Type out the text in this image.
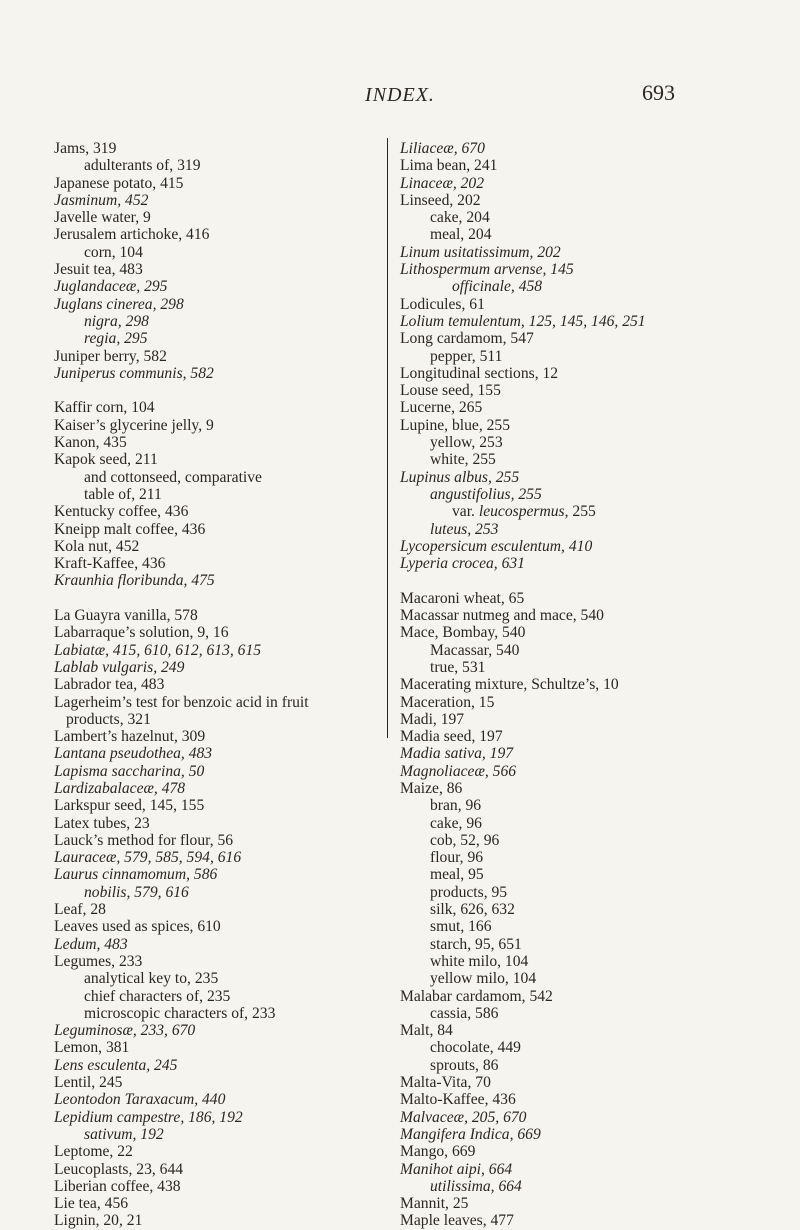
INDEX.	693
Jams, 319
adulterants of, 319
Japanese potato, 415
Jasminum, 452
Javelle water, 9
Jerusalem artichoke, 416
corn, 104
Jesuit tea, 483
Juglandaceæ, 295
Juglans cinerea, 298
nigra, 298
regia, 295
Juniper berry, 582
Juniperus communis, 582
Kaffir corn, 104
Kaiser’s glycerine jelly, 9
Kanon, 435
Kapok seed, 211
and cottonseed, comparative
table of, 211
Kentucky coffee, 436
Kneipp malt coffee, 436
Kola nut, 452
Kraft-Kaffee, 436
Kraunhia floribunda, 475
La Guayra vanilla, 578
Labarraque’s solution, 9, 16
Labiatæ, 415, 610, 612, 613, 615
Lablab vulgaris, 249
Labrador tea, 483
Lagerheim’s test for benzoic acid in fruit
products, 321
Lambert’s hazelnut, 309
Lantana pseudothea, 483
Lapisma saccharina, 50
Lardizabalaceæ, 478
Larkspur seed, 145, 155
Latex tubes, 23
Lauck’s method for flour, 56
Lauraceæ, 579, 585, 594, 616
Laurus cinnamomum, 586
nobilis, 579, 616
Leaf, 28
Leaves used as spices, 610
Ledum, 483
Legumes, 233
analytical key to, 235
chief characters of, 235
microscopic characters of, 233
Leguminosæ, 233, 670
Lemon, 381
Lens esculenta, 245
Lentil, 245
Leontodon Taraxacum, 440
Lepidium campestre, 186, 192
sativum, 192
Leptome, 22
Leucoplasts, 23, 644
Liberian coffee, 438
Lie tea, 456
Lignin, 20, 21
Liliaceæ, 670
Lima bean, 241
Linaceæ, 202
Linseed, 202
cake, 204
meal, 204
Linum usitatissimum, 202
Lithospermum arvense, 145
officinale, 458
Lodicules, 61
Lolium temulentum, 125, 145, 146, 251
Long cardamom, 547
pepper, 511
Longitudinal sections, 12
Louse seed, 155
Lucerne, 265
Lupine, blue, 255
yellow, 253
white, 255
Lupinus albus, 255
angustifolius, 255
var. leucospermus, 255
luteus, 253
Lycopersicum esculentum, 410
Lyperia crocea, 631
Macaroni wheat, 65
Macassar nutmeg and mace, 540
Mace, Bombay, 540
Macassar, 540
true, 531
Macerating mixture, Schultze’s, 10
Maceration, 15
Madi, 197
Madia seed, 197
Madia sativa, 197
Magnoliaceæ, 566
Maize, 86
bran, 96
cake, 96
cob, 52, 96
flour, 96
meal, 95
products, 95
silk, 626, 632
smut, 166
starch, 95, 651
white milo, 104
yellow milo, 104
Malabar cardamom, 542
cassia, 586
Malt, 84
chocolate, 449
sprouts, 86
Malta-Vita, 70
Malto-Kaffee, 436
Malvaceæ, 205, 670
Mangifera Indica, 669
Mango, 669
Manihot aipi, 664
utilissima, 664
Mannit, 25
Maple leaves, 477
